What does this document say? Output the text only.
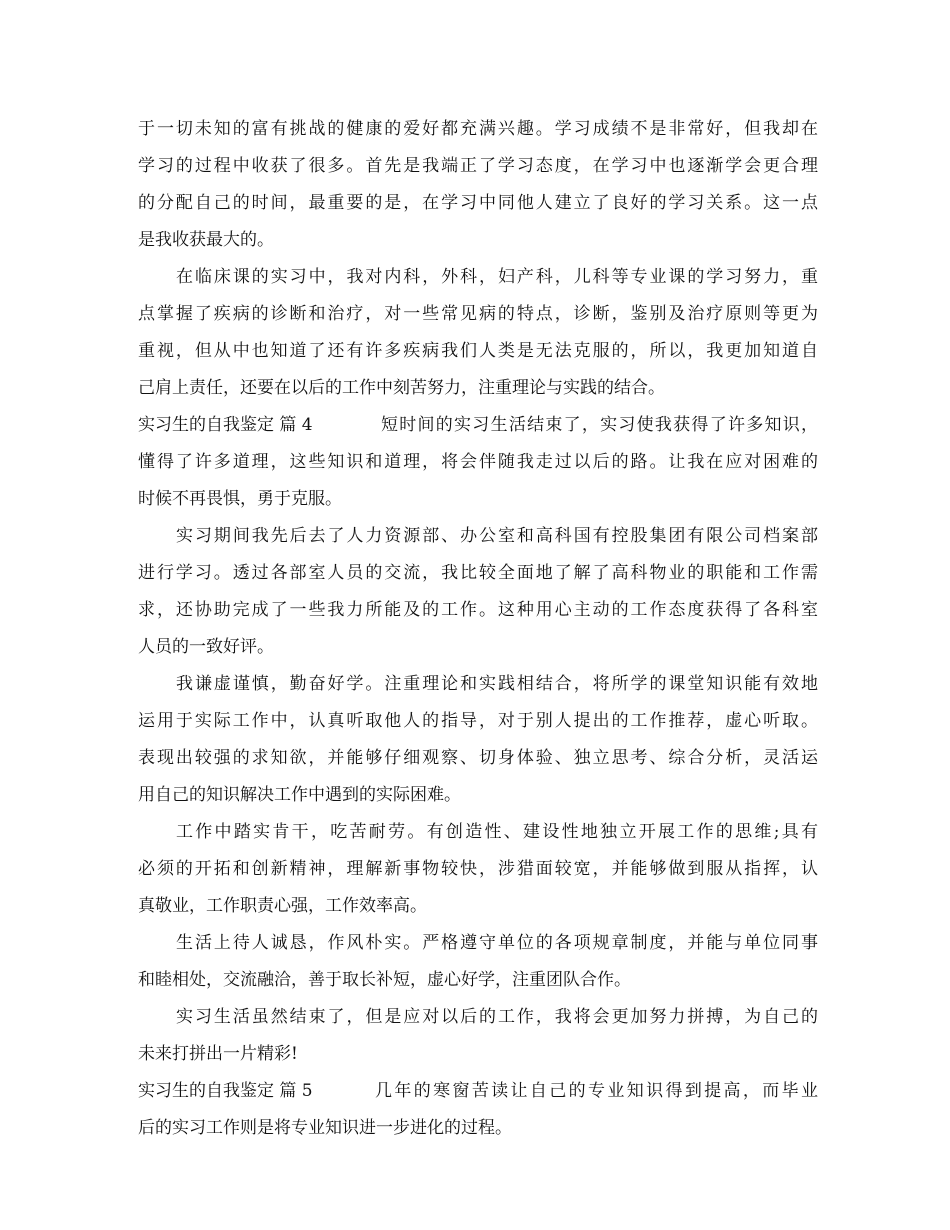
于一切未知的富有挑战的健康的爱好都充满兴趣。学习成绩不是非常好，但我却在
学习的过程中收获了很多。首先是我端正了学习态度，在学习中也逐渐学会更合理
的分配自己的时间，最重要的是，在学习中同他人建立了良好的学习关系。这一点
是我收获最大的。
在临床课的实习中，我对内科，外科，妇产科，儿科等专业课的学习努力，重
点掌握了疾病的诊断和治疗，对一些常见病的特点，诊断，鉴别及治疗原则等更为
重视，但从中也知道了还有许多疾病我们人类是无法克服的，所以，我更加知道自
己肩上责任，还要在以后的工作中刻苦努力，注重理论与实践的结合。
实习生的自我鉴定 篇 4	短时间的实习生活结束了，实习使我获得了许多知识，
懂得了许多道理，这些知识和道理，将会伴随我走过以后的路。让我在应对困难的
时候不再畏惧，勇于克服。
实习期间我先后去了人力资源部、办公室和高科国有控股集团有限公司档案部
进行学习。透过各部室人员的交流，我比较全面地了解了高科物业的职能和工作需
求，还协助完成了一些我力所能及的工作。这种用心主动的工作态度获得了各科室
人员的一致好评。
我谦虚谨慎，勤奋好学。注重理论和实践相结合，将所学的课堂知识能有效地
运用于实际工作中，认真听取他人的指导，对于别人提出的工作推荐，虚心听取。
表现出较强的求知欲，并能够仔细观察、切身体验、独立思考、综合分析，灵活运
用自己的知识解决工作中遇到的实际困难。
工作中踏实肯干，吃苦耐劳。有创造性、建设性地独立开展工作的思维;具有
必须的开拓和创新精神，理解新事物较快，涉猎面较宽，并能够做到服从指挥，认
真敬业，工作职责心强，工作效率高。
生活上待人诚恳，作风朴实。严格遵守单位的各项规章制度，并能与单位同事
和睦相处，交流融洽，善于取长补短，虚心好学，注重团队合作。
实习生活虽然结束了，但是应对以后的工作，我将会更加努力拼搏，为自己的
未来打拼出一片精彩!
实习生的自我鉴定 篇 5	几年的寒窗苦读让自己的专业知识得到提高，而毕业
后的实习工作则是将专业知识进一步进化的过程。
